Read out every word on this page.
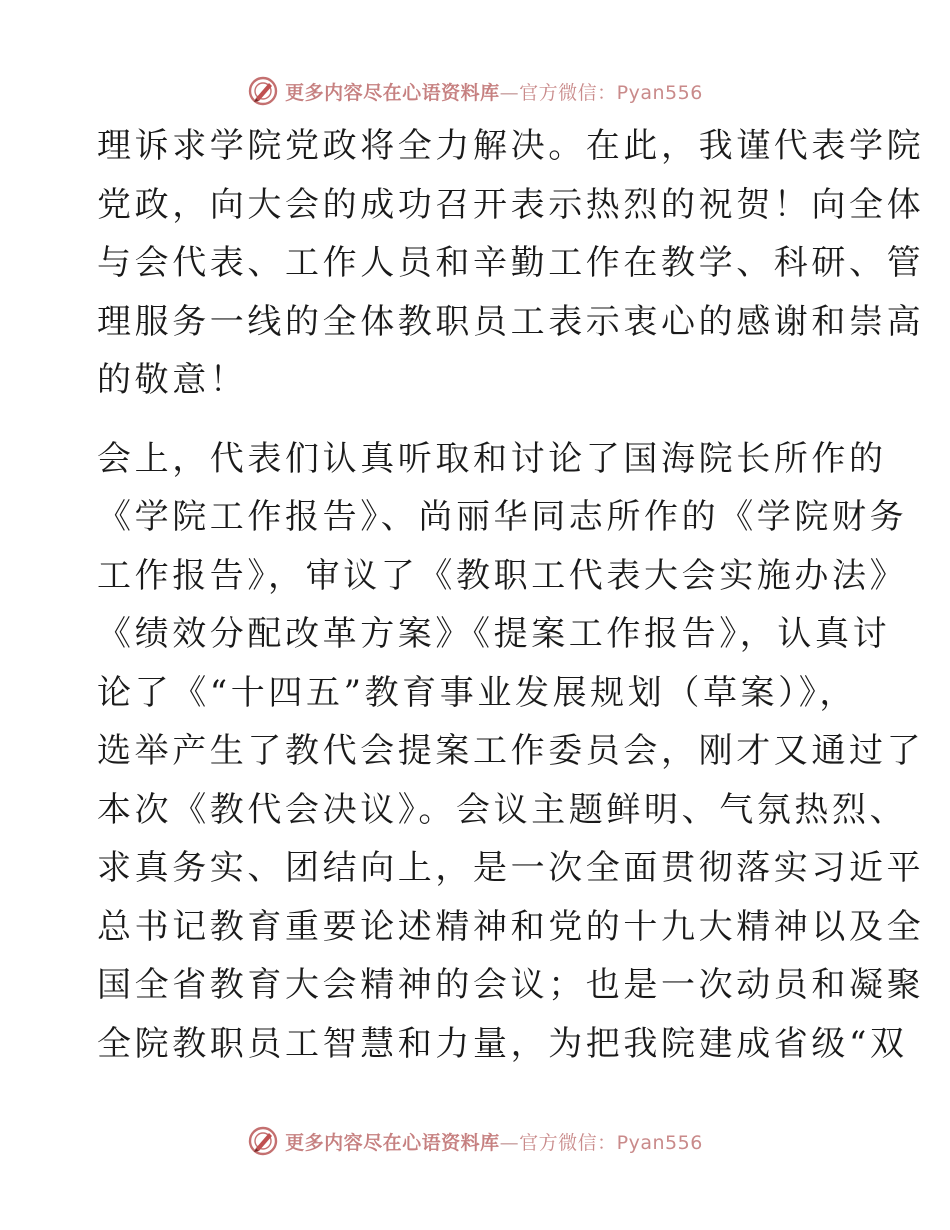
更多内容尽在心语资料库—官方微信：Pyan556
理诉求学院党政将全力解决。在此，我谨代表学院
党政，向大会的成功召开表示热烈的祝贺！向全体
与会代表、工作人员和辛勤工作在教学、科研、管
理服务一线的全体教职员工表示衷心的感谢和崇高
的敬意！
会上，代表们认真听取和讨论了国海院长所作的
《学院工作报告》、尚丽华同志所作的《学院财务
工作报告》，审议了《教职工代表大会实施办法》
《绩效分配改革方案》《提案工作报告》，认真讨
论了《“十四五”教育事业发展规划（草案）》，
选举产生了教代会提案工作委员会，刚才又通过了
本次《教代会决议》。会议主题鲜明、气氛热烈、
求真务实、团结向上，是一次全面贯彻落实习近平
总书记教育重要论述精神和党的十九大精神以及全
国全省教育大会精神的会议；也是一次动员和凝聚
全院教职员工智慧和力量，为把我院建成省级“双
更多内容尽在心语资料库—官方微信：Pyan556
